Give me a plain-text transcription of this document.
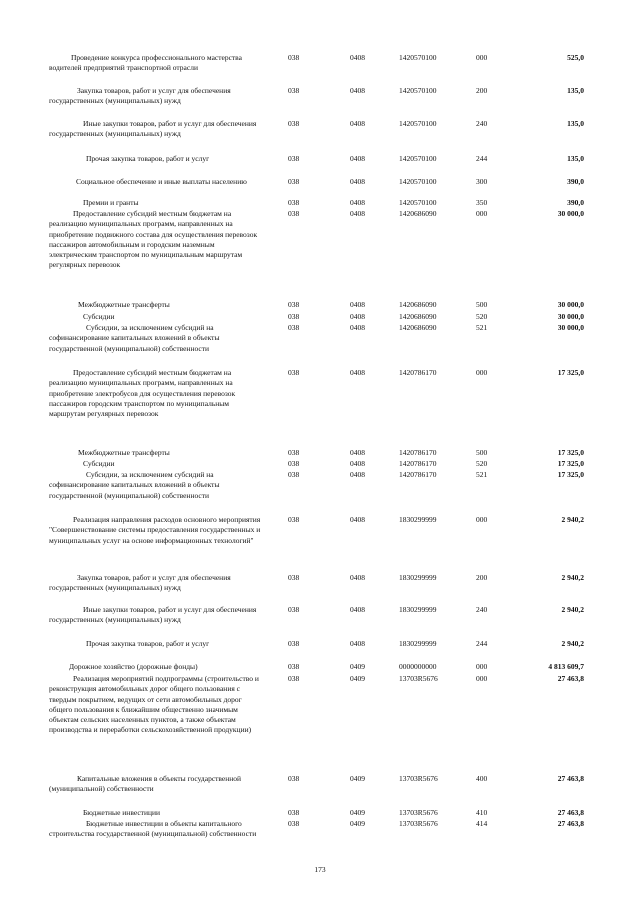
Проведение конкурса профессионального мастерства водителей предприятий транспортной отрасли
038	0408	1420570100	000	525,0
Закупка товаров, работ и услуг для обеспечения государственных (муниципальных) нужд
038	0408	1420570100	200	135,0
Иные закупки товаров, работ и услуг для обеспечения государственных (муниципальных) нужд
038	0408	1420570100	240	135,0
Прочая закупка товаров, работ и услуг	038	0408	1420570100	244	135,0
Социальное обеспечение и иные выплаты населению	038	0408	1420570100	300	390,0
Премии и гранты	038	0408	1420570100	350	390,0
Предоставление субсидий местным бюджетам на реализацию муниципальных программ, направленных на приобретение подвижного состава для осуществления перевозок пассажиров автомобильным и городским наземным электрическим транспортом по муниципальным маршрутам регулярных перевозок
038	0408	1420686090	000	30 000,0
Межбюджетные трансферты	038	0408	1420686090	500	30 000,0
Субсидии	038	0408	1420686090	520	30 000,0
Субсидии, за исключением субсидий на софинансирование капитальных вложений в объекты государственной (муниципальной) собственности
038	0408	1420686090	521	30 000,0
Предоставление субсидий местным бюджетам на реализацию муниципальных программ, направленных на приобретение электробусов для осуществления перевозок пассажиров городским транспортом по муниципальным маршрутам регулярных перевозок
038	0408	1420786170	000	17 325,0
Межбюджетные трансферты	038	0408	1420786170	500	17 325,0
Субсидии	038	0408	1420786170	520	17 325,0
Субсидии, за исключением субсидий на софинансирование капитальных вложений в объекты государственной (муниципальной) собственности
038	0408	1420786170	521	17 325,0
Реализация направления расходов основного мероприятия "Совершенствование системы предоставления государственных и муниципальных услуг на основе информационных технологий"
038	0408	1830299999	000	2 940,2
Закупка товаров, работ и услуг для обеспечения государственных (муниципальных) нужд
038	0408	1830299999	200	2 940,2
Иные закупки товаров, работ и услуг для обеспечения государственных (муниципальных) нужд
038	0408	1830299999	240	2 940,2
Прочая закупка товаров, работ и услуг	038	0408	1830299999	244	2 940,2
Дорожное хозяйство (дорожные фонды)	038	0409	0000000000	000	4 813 609,7
Реализация мероприятий подпрограммы (строительство и реконструкция автомобильных дорог общего пользования с твердым покрытием, ведущих от сети автомобильных дорог общего пользования к ближайшим общественно значимым объектам сельских населенных пунктов, а также объектам производства и переработки сельскохозяйственной продукции)
038	0409	13703R5676	000	27 463,8
Капитальные вложения в объекты государственной (муниципальной) собственности
038	0409	13703R5676	400	27 463,8
Бюджетные инвестиции	038	0409	13703R5676	410	27 463,8
Бюджетные инвестиции в объекты капитального строительства государственной (муниципальной) собственности
038	0409	13703R5676	414	27 463,8
173
